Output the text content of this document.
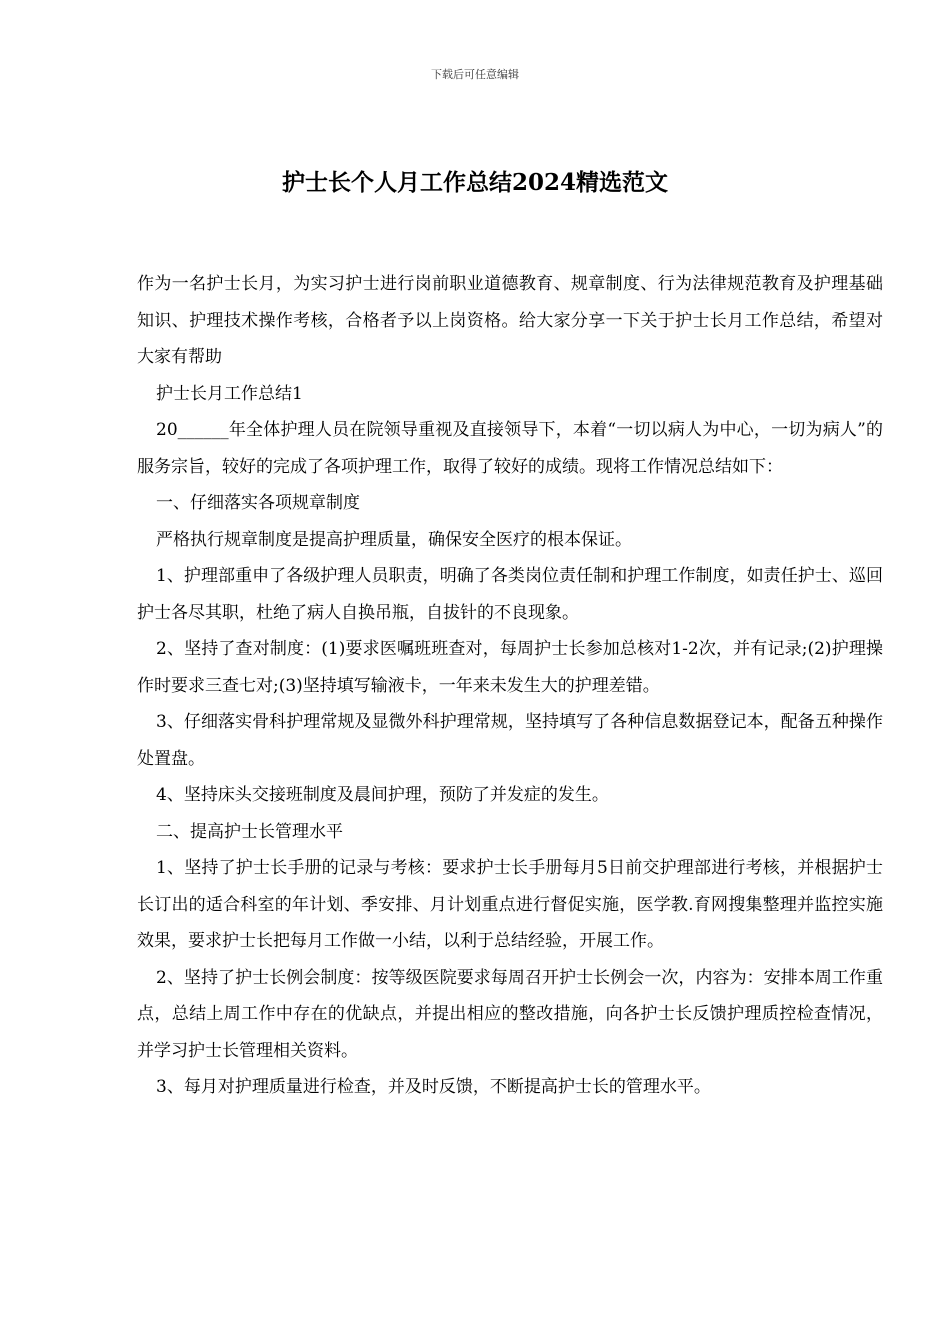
下载后可任意编辑
护士长个人月工作总结2024精选范文

作为一名护士长月，为实习护士进行岗前职业道德教育、规章制度、行为法律规范教育及护理基础知识、护理技术操作考核，合格者予以上岗资格。给大家分享一下关于护士长月工作总结，希望对大家有帮助

护士长月工作总结1

20______年全体护理人员在院领导重视及直接领导下，本着“一切以病人为中心，一切为病人”的服务宗旨，较好的完成了各项护理工作，取得了较好的成绩。现将工作情况总结如下：

一、仔细落实各项规章制度

严格执行规章制度是提高护理质量，确保安全医疗的根本保证。

1、护理部重申了各级护理人员职责，明确了各类岗位责任制和护理工作制度，如责任护士、巡回护士各尽其职，杜绝了病人自换吊瓶，自拔针的不良现象。

2、坚持了查对制度：(1)要求医嘱班班查对，每周护士长参加总核对1-2次，并有记录;(2)护理操作时要求三查七对;(3)坚持填写输液卡，一年来未发生大的护理差错。

3、仔细落实骨科护理常规及显微外科护理常规，坚持填写了各种信息数据登记本，配备五种操作处置盘。

4、坚持床头交接班制度及晨间护理，预防了并发症的发生。

二、提高护士长管理水平

1、坚持了护士长手册的记录与考核：要求护士长手册每月5日前交护理部进行考核，并根据护士长订出的适合科室的年计划、季安排、月计划重点进行督促实施，医学教.育网搜集整理并监控实施效果，要求护士长把每月工作做一小结，以利于总结经验，开展工作。

2、坚持了护士长例会制度：按等级医院要求每周召开护士长例会一次，内容为：安排本周工作重点，总结上周工作中存在的优缺点，并提出相应的整改措施，向各护士长反馈护理质控检查情况，并学习护士长管理相关资料。

3、每月对护理质量进行检查，并及时反馈，不断提高护士长的管理水平。
